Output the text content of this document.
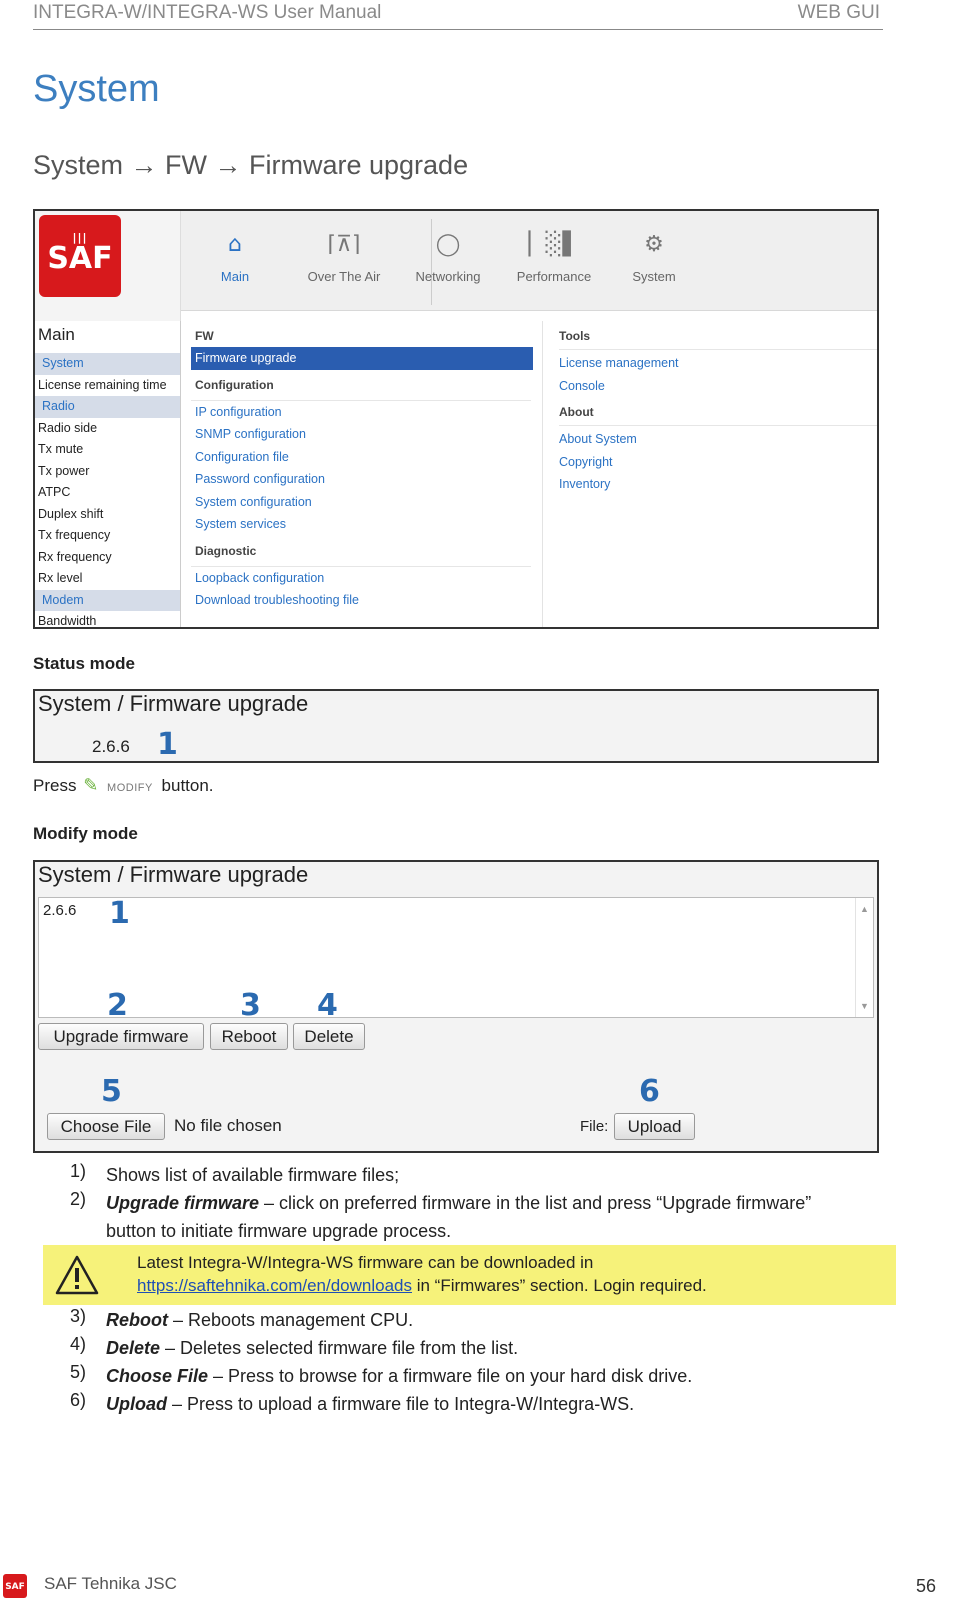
INTEGRA-W/INTEGRA-WS User Manual	WEB GUI
System
System → FW → Firmware upgrade
|||
SAF	⌂
Main
⌈⊼⌉
Over The Air
◯
Networking
▏░▌
Performance
⚙
System
Main
System
License remaining time
Radio
Radio side
Tx mute
Tx power
ATPC
Duplex shift
Tx frequency
Rx frequency
Rx level
Modem
Bandwidth
FW
Firmware upgrade
Configuration
IP configuration
SNMP configuration
Configuration file
Password configuration
System configuration
System services
Diagnostic
Loopback configuration
Download troubleshooting file
Tools
License management
Console
About
About System
Copyright
Inventory
Status mode
System / Firmware upgrade
2.6.6 1
Press ✎ MODIFY button.
Modify mode
System / Firmware upgrade
2.6.6	▲
▼
1
2	3 4
5	6
Upgrade firmware	Reboot	Delete
Choose File	No file chosen	File:	Upload
1)	Shows list of available firmware files;
2)	Upgrade firmware – click on preferred firmware in the list and press “Upgrade firmware” button to initiate firmware upgrade process.
Latest Integra-W/Integra-WS firmware can be downloaded in
https://saftehnika.com/en/downloads in “Firmwares” section. Login required.
3)	Reboot – Reboots management CPU.
4)	Delete – Deletes selected firmware file from the list.
5)	Choose File – Press to browse for a firmware file on your hard disk drive.
6)	Upload – Press to upload a firmware file to Integra-W/Integra-WS.
SAF SAF Tehnika JSC	56
